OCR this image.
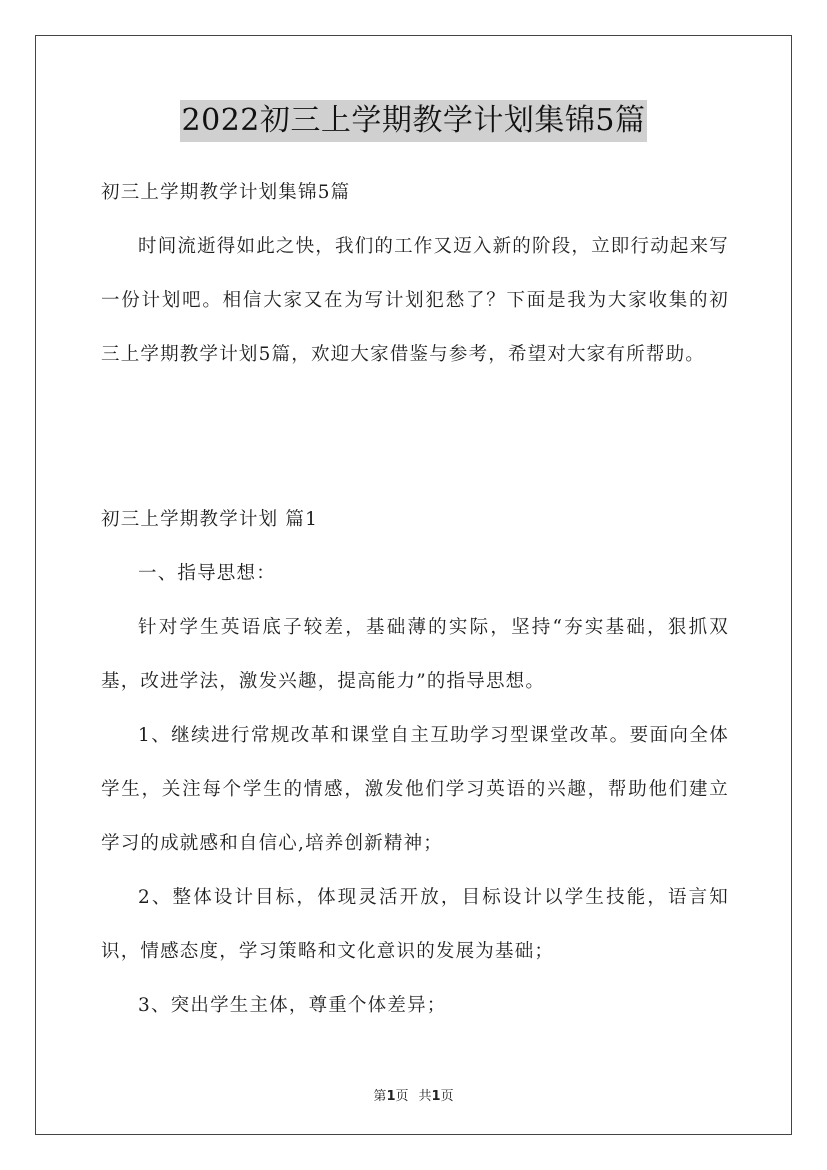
2022初三上学期教学计划集锦5篇

初三上学期教学计划集锦5篇

时间流逝得如此之快，我们的工作又迈入新的阶段，立即行动起来写一份计划吧。相信大家又在为写计划犯愁了？下面是我为大家收集的初三上学期教学计划5篇，欢迎大家借鉴与参考，希望对大家有所帮助。

初三上学期教学计划 篇1

一、指导思想：

针对学生英语底子较差，基础薄的实际，坚持“夯实基础，狠抓双基，改进学法，激发兴趣，提高能力”的指导思想。

1、继续进行常规改革和课堂自主互助学习型课堂改革。要面向全体学生，关注每个学生的情感，激发他们学习英语的兴趣，帮助他们建立学习的成就感和自信心,培养创新精神；

2、整体设计目标，体现灵活开放，目标设计以学生技能，语言知识，情感态度，学习策略和文化意识的发展为基础；

3、突出学生主体，尊重个体差异；

第1页 共1页
